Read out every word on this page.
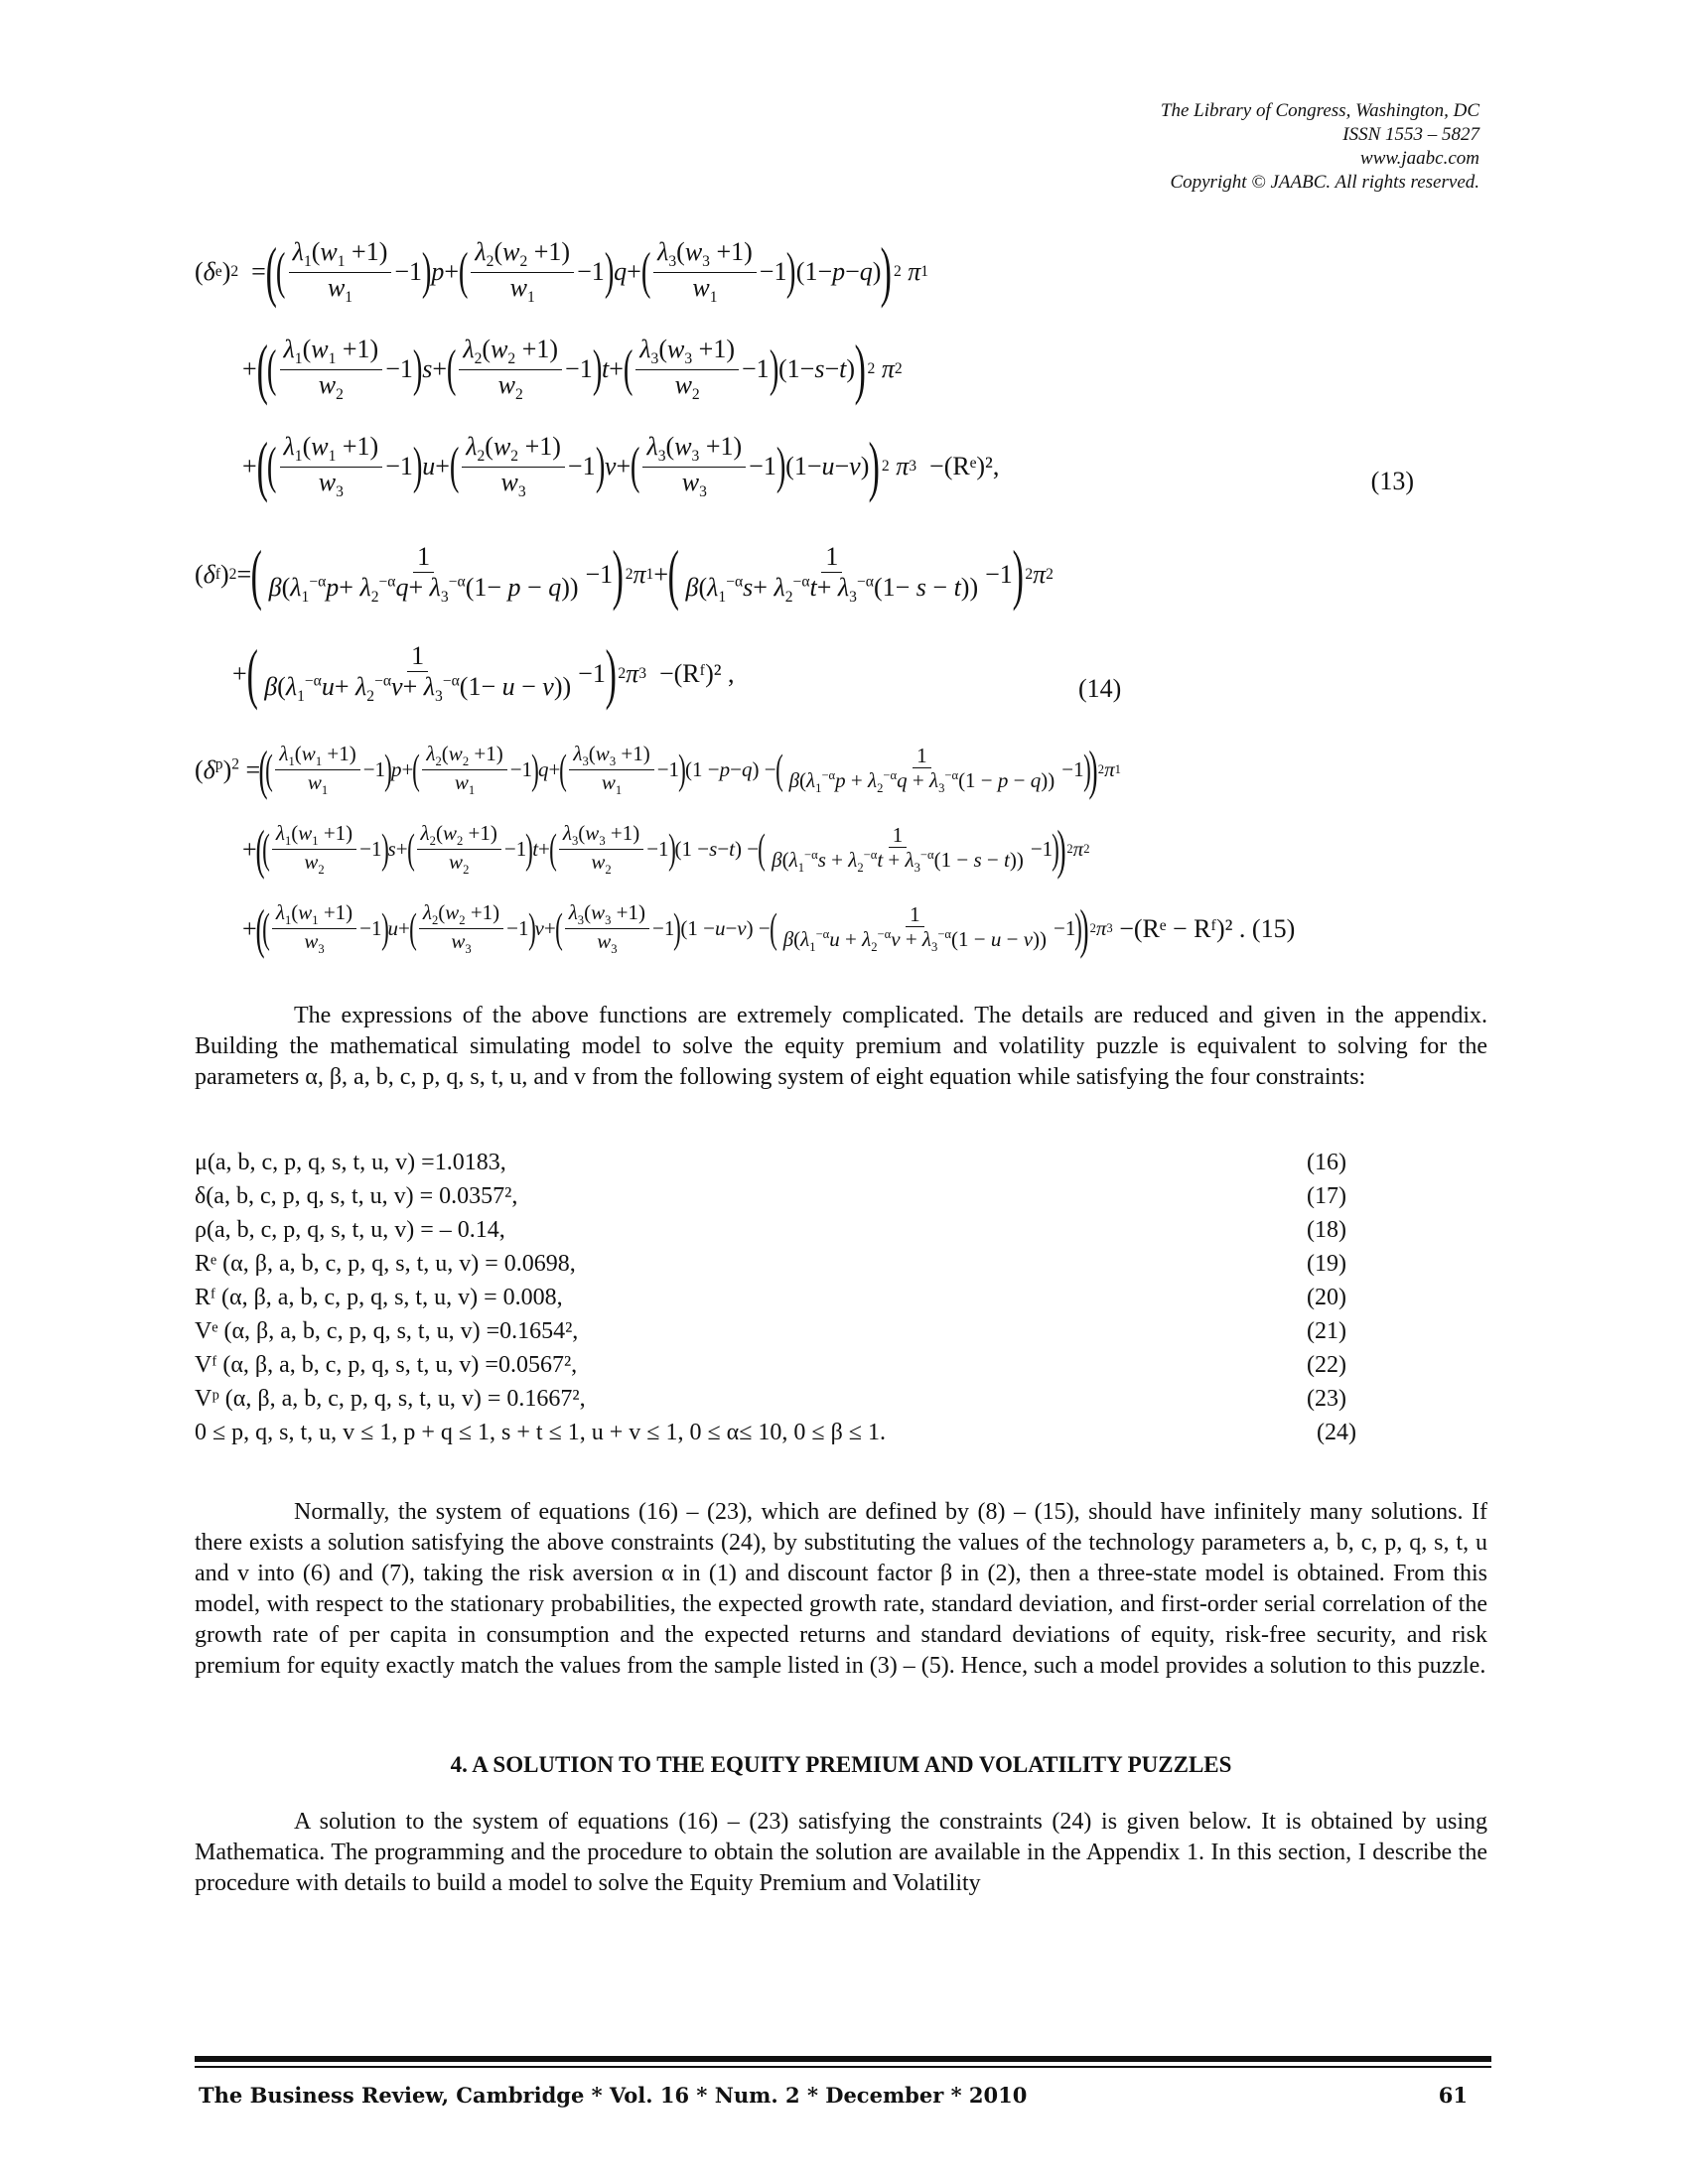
The Library of Congress, Washington, DC
ISSN 1553 – 5827
www.jaabc.com
Copyright © JAABC. All rights reserved.
( δ e ) 2 = ( ( $\frac{\lambda_1(w_1 +1)}{w_1} -1$ ) p + ( $\frac{\lambda_2(w_2 +1)}{w_1} -1$ ) q + ( $\frac{\lambda_3(w_3 +1)}{w_1} -1$ ) (1− p − q ) ) 2
π 1
+ ( ( $\frac{\lambda_1(w_1 +1)}{w_2} -1$ ) s + ( $\frac{\lambda_2(w_2 +1)}{w_2} -1$ ) t + ( $\frac{\lambda_3(w_3 +1)}{w_2} -1$ ) (1− s − t ) ) 2
π 2
+ ( ( $\frac{\lambda_1(w_1 +1)}{w_3} -1$ ) u + ( $\frac{\lambda_2(w_2 +1)}{w_3} -1$ ) v + ( $\frac{\lambda_3(w_3 +1)}{w_3} -1$ ) (1− u − v ) ) 2
π 3
−(Rᵉ)²,
(13)
( δ f ) 2 = ( $\frac{1}{\beta(\lambda_1^{-\alpha}p+ \lambda_2^{-\alpha}q+ \lambda_3^{-\alpha}(1- p - q))} -1$ ) 2 π 1 + ( $\frac{1}{\beta(\lambda_1^{-\alpha}s+ \lambda_2^{-\alpha}t+ \lambda_3^{-\alpha}(1- s - t))} -1$ ) 2 π 2
+ ( $\frac{1}{\beta(\lambda_1^{-\alpha}u+ \lambda_2^{-\alpha}v+ \lambda_3^{-\alpha}(1- u - v))} -1$ ) 2 π 3
−(Rᶠ)²
,
(14)
$(\delta^p)^2$ =
(
( $\frac{\lambda_1(w_1 +1)}{w_1} -1$ ) p + ( $\frac{\lambda_2(w_2 +1)}{w_1} -1$ ) q + ( $\frac{\lambda_3(w_3 +1)}{w_1} -1$ ) (1 − p − q ) − ( $\frac{1}{\beta(\lambda_1^{-\alpha}p + \lambda_2^{-\alpha}q + \lambda_3^{-\alpha}(1 - p - q))} -1$ )
) 2 π 1
+
(
( $\frac{\lambda_1(w_1 +1)}{w_2} -1$ ) s + ( $\frac{\lambda_2(w_2 +1)}{w_2} -1$ ) t + ( $\frac{\lambda_3(w_3 +1)}{w_2} -1$ ) (1 − s − t ) − ( $\frac{1}{\beta(\lambda_1^{-\alpha}s + \lambda_2^{-\alpha}t + \lambda_3^{-\alpha}(1 - s - t))} -1$ )
) 2 π 2
+
(
( $\frac{\lambda_1(w_1 +1)}{w_3} -1$ ) u + ( $\frac{\lambda_2(w_2 +1)}{w_3} -1$ ) v + ( $\frac{\lambda_3(w_3 +1)}{w_3} -1$ ) (1 − u − v ) − ( $\frac{1}{\beta(\lambda_1^{-\alpha}u + \lambda_2^{-\alpha}v + \lambda_3^{-\alpha}(1 - u - v))} -1$ )
) 2 π 3 −(Rᵉ − Rᶠ)² . (15)

The expressions of the above functions are extremely complicated. The details are reduced and given in the appendix. Building the mathematical simulating model to solve the equity premium and volatility puzzle is equivalent to solving for the parameters α, β, a, b, c, p, q, s, t, u, and v from the following system of eight equation while satisfying the four constraints:

μ(a, b, c, p, q, s, t, u, v) =1.0183,	(16)
δ(a, b, c, p, q, s, t, u, v) = 0.0357²,	(17)
ρ(a, b, c, p, q, s, t, u, v) = – 0.14,	(18)
Rᵉ (α, β, a, b, c, p, q, s, t, u, v) = 0.0698,	(19)
Rᶠ (α, β, a, b, c, p, q, s, t, u, v) = 0.008,	(20)
Vᵉ (α, β, a, b, c, p, q, s, t, u, v) =0.1654²,	(21)
Vᶠ (α, β, a, b, c, p, q, s, t, u, v) =0.0567²,	(22)
Vᵖ (α, β, a, b, c, p, q, s, t, u, v) = 0.1667²,	(23)
0 ≤ p, q, s, t, u, v ≤ 1, p + q ≤ 1, s + t ≤ 1, u + v ≤ 1, 0 ≤ α≤ 10, 0 ≤ β ≤ 1.	(24)

Normally, the system of equations (16) – (23), which are defined by (8) – (15), should have infinitely many solutions. If there exists a solution satisfying the above constraints (24), by substituting the values of the technology parameters a, b, c, p, q, s, t, u and v into (6) and (7), taking the risk aversion α in (1) and discount factor β in (2), then a three-state model is obtained. From this model, with respect to the stationary probabilities, the expected growth rate, standard deviation, and first-order serial correlation of the growth rate of per capita in consumption and the expected returns and standard deviations of equity, risk-free security, and risk premium for equity exactly match the values from the sample listed in (3) – (5). Hence, such a model provides a solution to this puzzle.

4. A SOLUTION TO THE EQUITY PREMIUM AND VOLATILITY PUZZLES

A solution to the system of equations (16) – (23) satisfying the constraints (24) is given below. It is obtained by using Mathematica. The programming and the procedure to obtain the solution are available in the Appendix 1. In this section, I describe the procedure with details to build a model to solve the Equity Premium and Volatility

The Business Review, Cambridge * Vol. 16 * Num. 2 * December * 2010	61
